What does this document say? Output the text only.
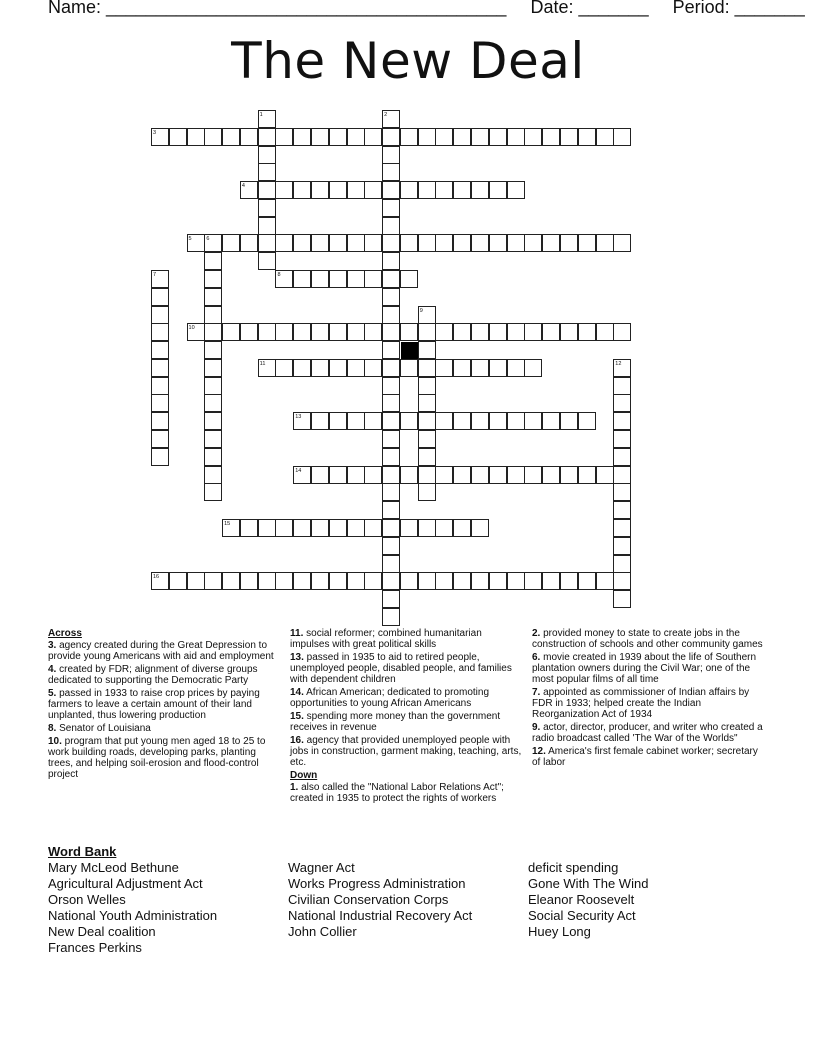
Name: ________________________________________ Date: _______ Period: _______
The New Deal
1	2
3
4
5	6
7	8
9
10
11	12
13
14
15
16
Across
3. agency created during the Great Depression to provide young Americans with aid and employment
4. created by FDR; alignment of diverse groups dedicated to supporting the Democratic Party
5. passed in 1933 to raise crop prices by paying farmers to leave a certain amount of their land unplanted, thus lowering production
8. Senator of Louisiana
10. program that put young men aged 18 to 25 to work building roads, developing parks, planting trees, and helping soil-erosion and flood-control project
11. social reformer; combined humanitarian impulses with great political skills
13. passed in 1935 to aid to retired people, unemployed people, disabled people, and families with dependent children
14. African American; dedicated to promoting opportunities to young African Americans
15. spending more money than the government receives in revenue
16. agency that provided unemployed people with jobs in construction, garment making, teaching, arts, etc.
Down
1. also called the "National Labor Relations Act"; created in 1935 to protect the rights of workers
2. provided money to state to create jobs in the construction of schools and other community games
6. movie created in 1939 about the life of Southern plantation owners during the Civil War; one of the most popular films of all time
7. appointed as commissioner of Indian affairs by FDR in 1933; helped create the Indian Reorganization Act of 1934
9. actor, director, producer, and writer who created a radio broadcast called 'The War of the Worlds"
12. America's first female cabinet worker; secretary of labor
Word Bank
Mary McLeod Bethune
Agricultural Adjustment Act
Orson Welles
National Youth Administration
New Deal coalition
Frances Perkins
Wagner Act
Works Progress Administration
Civilian Conservation Corps
National Industrial Recovery Act
John Collier
deficit spending
Gone With The Wind
Eleanor Roosevelt
Social Security Act
Huey Long
